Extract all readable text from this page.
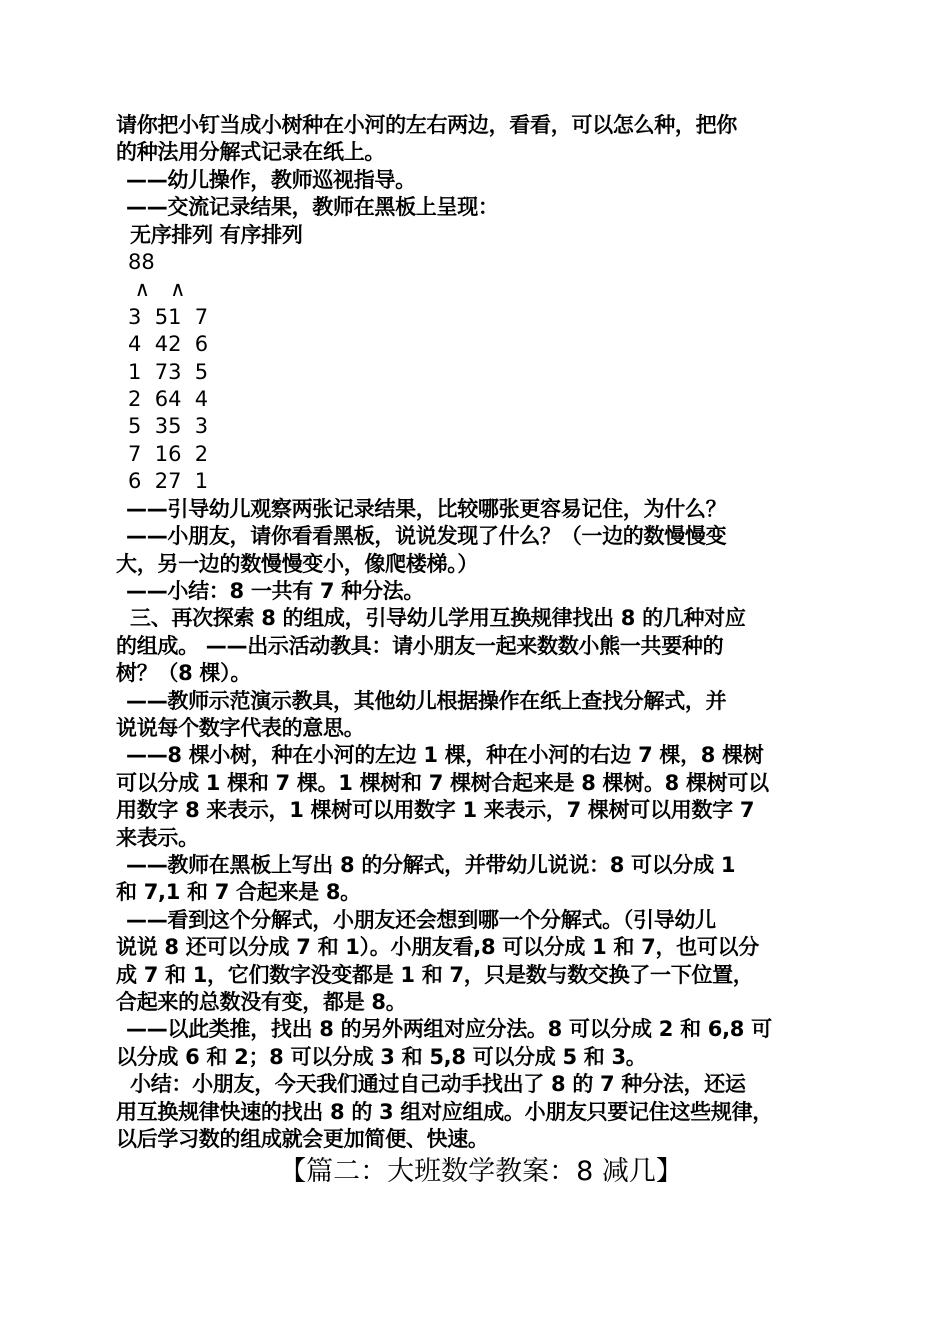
请你把小钉当成小树种在小河的左右两边，看看，可以怎么种，把你
的种法用分解式记录在纸上。
——幼儿操作，教师巡视指导。
——交流记录结果，教师在黑板上呈现：
无序排列 有序排列
88
∧   ∧
3  51  7
4  42  6
1  73  5
2  64  4
5  35  3
7  16  2
6  27  1
——引导幼儿观察两张记录结果，比较哪张更容易记住，为什么？
——小朋友，请你看看黑板，说说发现了什么？（一边的数慢慢变
大，另一边的数慢慢变小，像爬楼梯。）
——小结：8 一共有 7 种分法。
三、再次探索 8 的组成，引导幼儿学用互换规律找出 8 的几种对应
的组成。 ——出示活动教具：请小朋友一起来数数小熊一共要种的
树？（8 棵）。
——教师示范演示教具，其他幼儿根据操作在纸上查找分解式，并
说说每个数字代表的意思。
——8 棵小树，种在小河的左边 1 棵，种在小河的右边 7 棵，8 棵树
可以分成 1 棵和 7 棵。1 棵树和 7 棵树合起来是 8 棵树。8 棵树可以
用数字 8 来表示，1 棵树可以用数字 1 来表示，7 棵树可以用数字 7
来表示。
——教师在黑板上写出 8 的分解式，并带幼儿说说：8 可以分成 1
和 7,1 和 7 合起来是 8。
——看到这个分解式，小朋友还会想到哪一个分解式。（引导幼儿
说说 8 还可以分成 7 和 1）。小朋友看,8 可以分成 1 和 7，也可以分
成 7 和 1，它们数字没变都是 1 和 7，只是数与数交换了一下位置，
合起来的总数没有变，都是 8。
——以此类推，找出 8 的另外两组对应分法。8 可以分成 2 和 6,8 可
以分成 6 和 2；8 可以分成 3 和 5,8 可以分成 5 和 3。
小结：小朋友，今天我们通过自己动手找出了 8 的 7 种分法，还运
用互换规律快速的找出 8 的 3 组对应组成。小朋友只要记住这些规律，
以后学习数的组成就会更加简便、快速。
【篇二：大班数学教案：8 减几】
